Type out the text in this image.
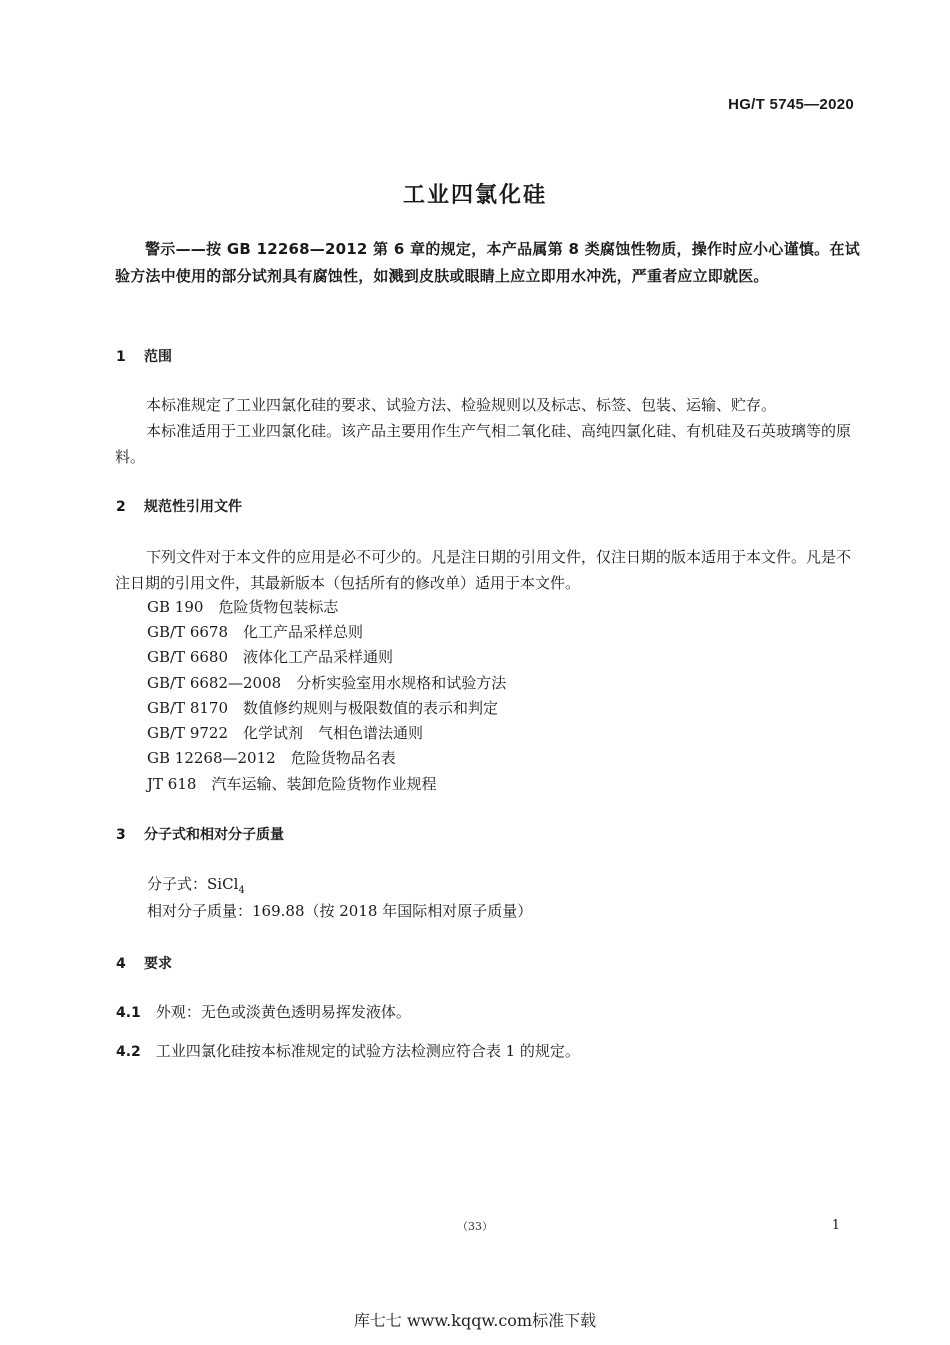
HG/T 5745—2020
工业四氯化硅
警示——按 GB 12268—2012 第 6 章的规定，本产品属第 8 类腐蚀性物质，操作时应小心谨慎。在试验方法中使用的部分试剂具有腐蚀性，如溅到皮肤或眼睛上应立即用水冲洗，严重者应立即就医。
1 范围
本标准规定了工业四氯化硅的要求、试验方法、检验规则以及标志、标签、包装、运输、贮存。
本标准适用于工业四氯化硅。该产品主要用作生产气相二氧化硅、高纯四氯化硅、有机硅及石英玻璃等的原料。
2 规范性引用文件
下列文件对于本文件的应用是必不可少的。凡是注日期的引用文件，仅注日期的版本适用于本文件。凡是不注日期的引用文件，其最新版本（包括所有的修改单）适用于本文件。
GB 190　 危险货物包装标志
GB/T 6678　 化工产品采样总则
GB/T 6680　 液体化工产品采样通则
GB/T 6682—2008　 分析实验室用水规格和试验方法
GB/T 8170　 数值修约规则与极限数值的表示和判定
GB/T 9722　 化学试剂　气相色谱法通则
GB 12268—2012　 危险货物品名表
JT 618　 汽车运输、装卸危险货物作业规程
3 分子式和相对分子质量
分子式：SiCl$_4$
相对分子质量：169.88（按 2018 年国际相对原子质量）
4 要求
4.1　 外观：无色或淡黄色透明易挥发液体。
4.2　 工业四氯化硅按本标准规定的试验方法检测应符合表 1 的规定。
（33）	1
库七七 www.kqqw.com标准下载
